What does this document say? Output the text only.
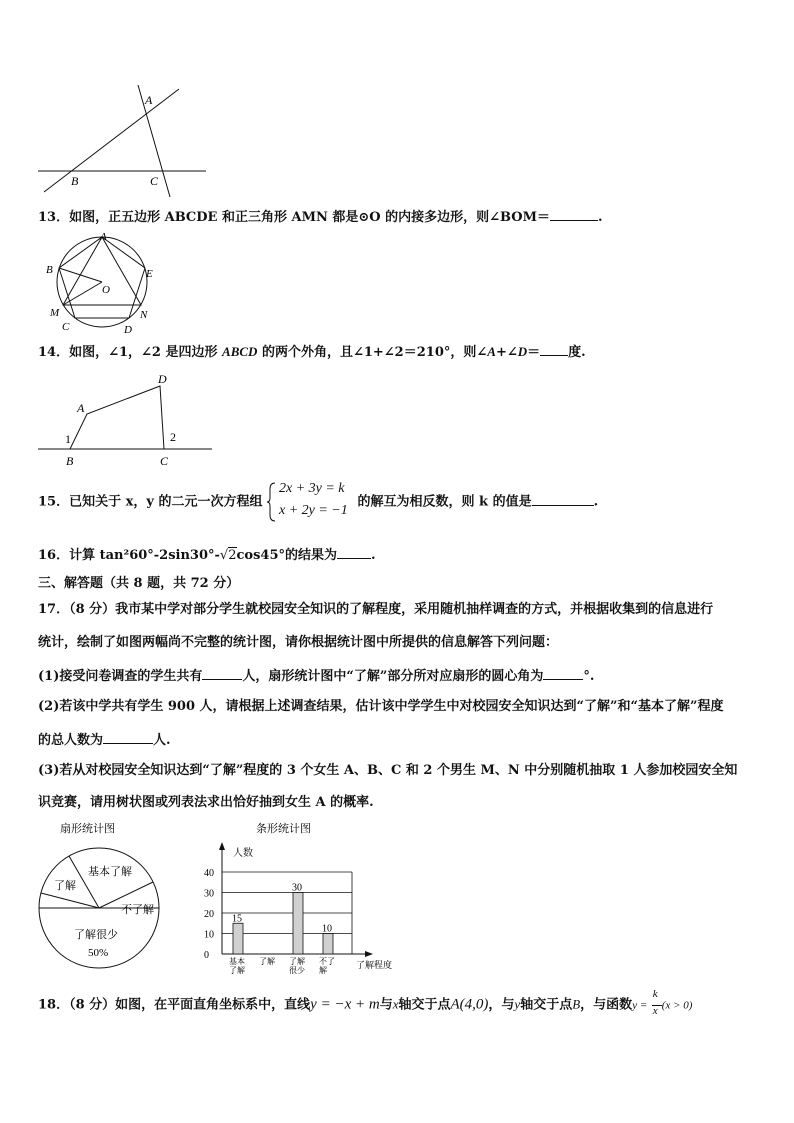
A
B	C
13．如图，正五边形 ABCDE 和正三角形 AMN 都是⊙O 的内接多边形，则∠BOM＝	.
A
B	E
O
M
C
N
D
14．如图，∠1，∠2 是四边形 ABCD 的两个外角，且∠1+∠2＝210°，则∠A+∠D＝ 度.
A
D
B	C
1	2
15．已知关于 x，y 的二元一次方程组
2x + 3y = k
x + 2y = −1
的解互为相反数，则 k 的值是	.
16．计算 tan²60°-2sin30°-√2cos45°的结果为	.
三、解答题（共 8 题，共 72 分）
17．（8 分）我市某中学对部分学生就校园安全知识的了解程度，采用随机抽样调查的方式，并根据收集到的信息进行
统计，绘制了如图两幅尚不完整的统计图，请你根据统计图中所提供的信息解答下列问题：
(1)接受问卷调查的学生共有	人，扇形统计图中“了解”部分所对应扇形的圆心角为	°.
(2)若该中学共有学生 900 人，请根据上述调查结果，估计该中学学生中对校园安全知识达到“了解”和“基本了解”程度
的总人数为	人.
(3)若从对校园安全知识达到“了解”程度的 3 个女生 A、B、C 和 2 个男生 M、N 中分别随机抽取 1 人参加校园安全知
识竞赛，请用树状图或列表法求出恰好抽到女生 A 的概率.
扇形统计图
基本了解
了解
不了解
了解很少
50%
条形统计图
人数
0
10
20
30
40
15
基本
了解
了解
30
了解
很少
10
不了
解
了解程度
18．（8 分）如图，在平面直角坐标系中，直线y = −x + m与x轴交于点A(4,0)，与y轴交于点B，与函数y =
k
x (x > 0)
